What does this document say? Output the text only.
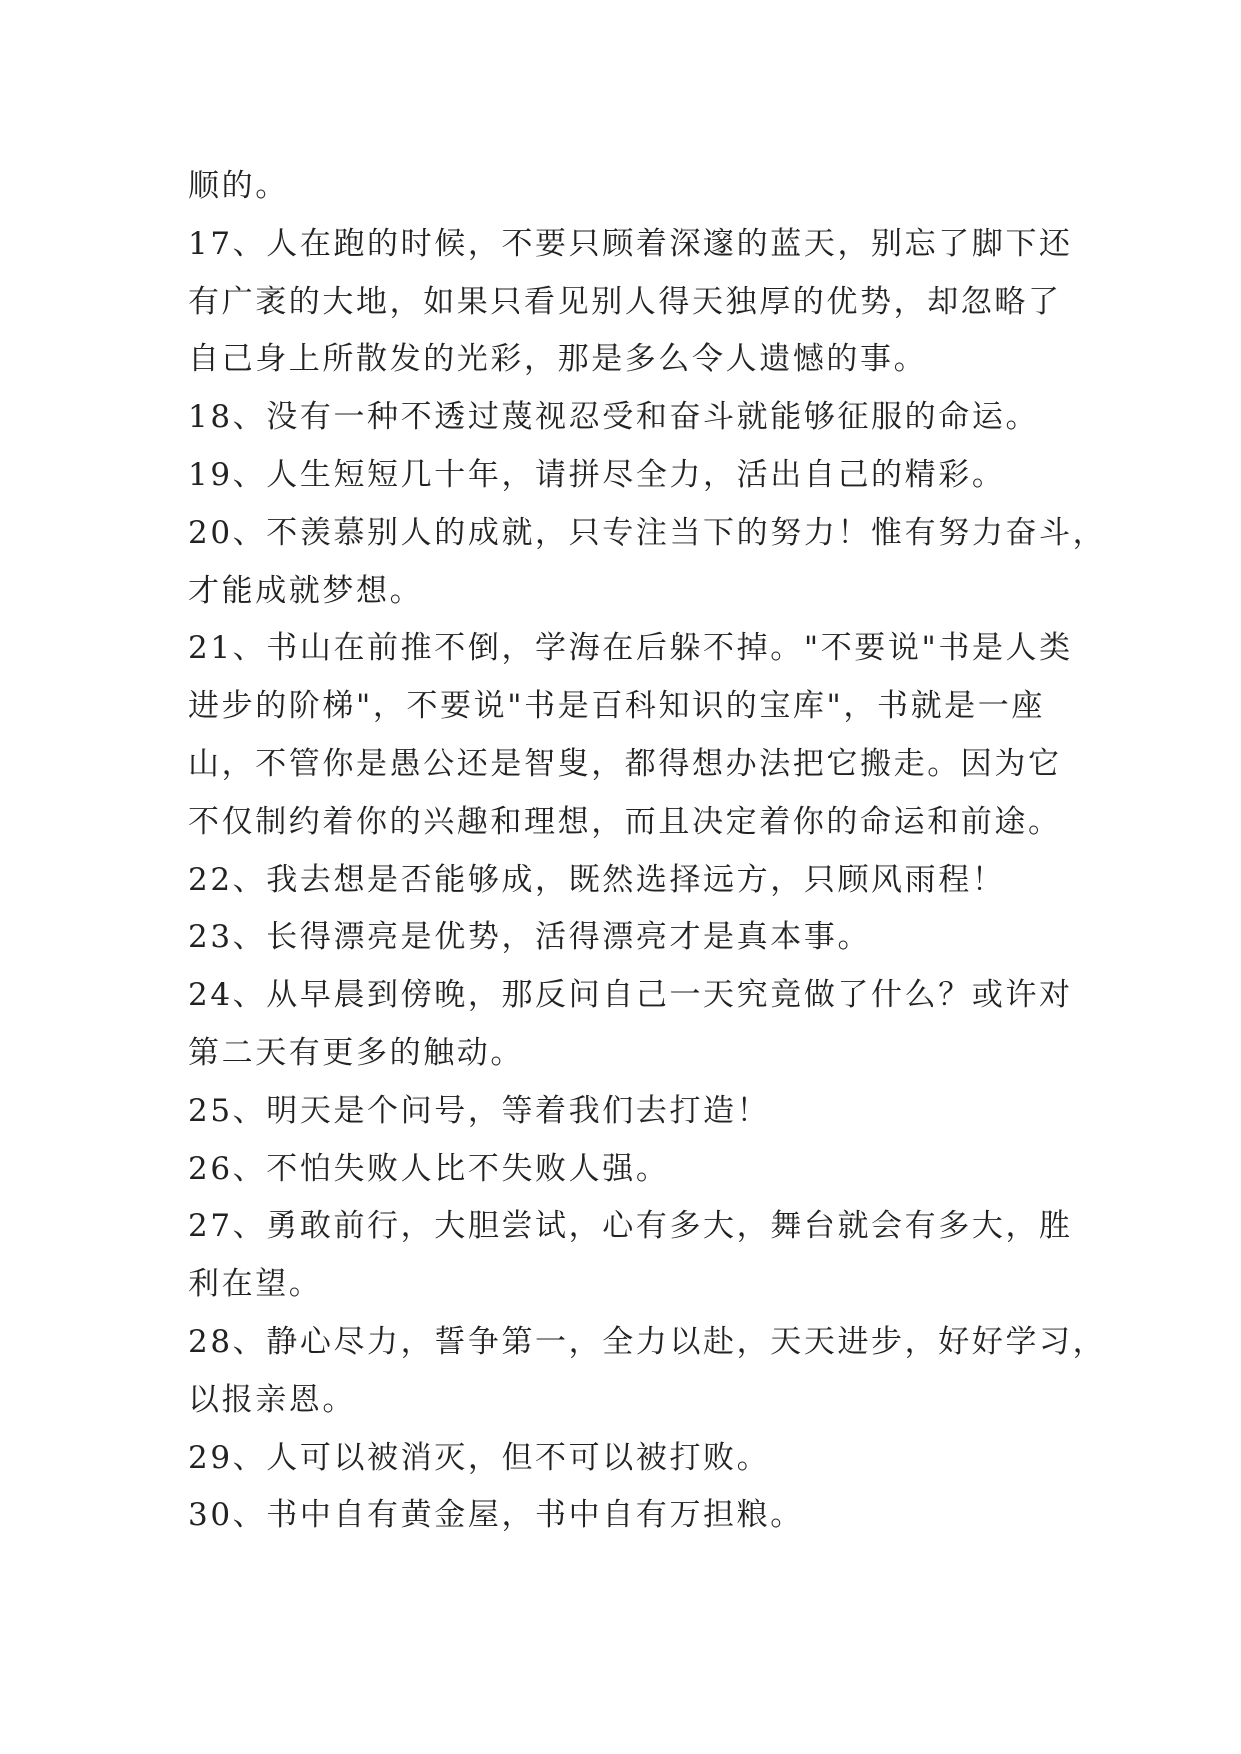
顺的。
17、人在跑的时候，不要只顾着深邃的蓝天，别忘了脚下还
有广袤的大地，如果只看见别人得天独厚的优势，却忽略了
自己身上所散发的光彩，那是多么令人遗憾的事。
18、没有一种不透过蔑视忍受和奋斗就能够征服的命运。
19、人生短短几十年，请拼尽全力，活出自己的精彩。
20、不羡慕别人的成就，只专注当下的努力！惟有努力奋斗，
才能成就梦想。
21、书山在前推不倒，学海在后躲不掉。"不要说"书是人类
进步的阶梯"，不要说"书是百科知识的宝库"，书就是一座
山，不管你是愚公还是智叟，都得想办法把它搬走。因为它
不仅制约着你的兴趣和理想，而且决定着你的命运和前途。
22、我去想是否能够成，既然选择远方，只顾风雨程！
23、长得漂亮是优势，活得漂亮才是真本事。
24、从早晨到傍晚，那反问自己一天究竟做了什么？或许对
第二天有更多的触动。
25、明天是个问号，等着我们去打造！
26、不怕失败人比不失败人强。
27、勇敢前行，大胆尝试，心有多大，舞台就会有多大，胜
利在望。
28、静心尽力，誓争第一，全力以赴，天天进步，好好学习，
以报亲恩。
29、人可以被消灭，但不可以被打败。
30、书中自有黄金屋，书中自有万担粮。
